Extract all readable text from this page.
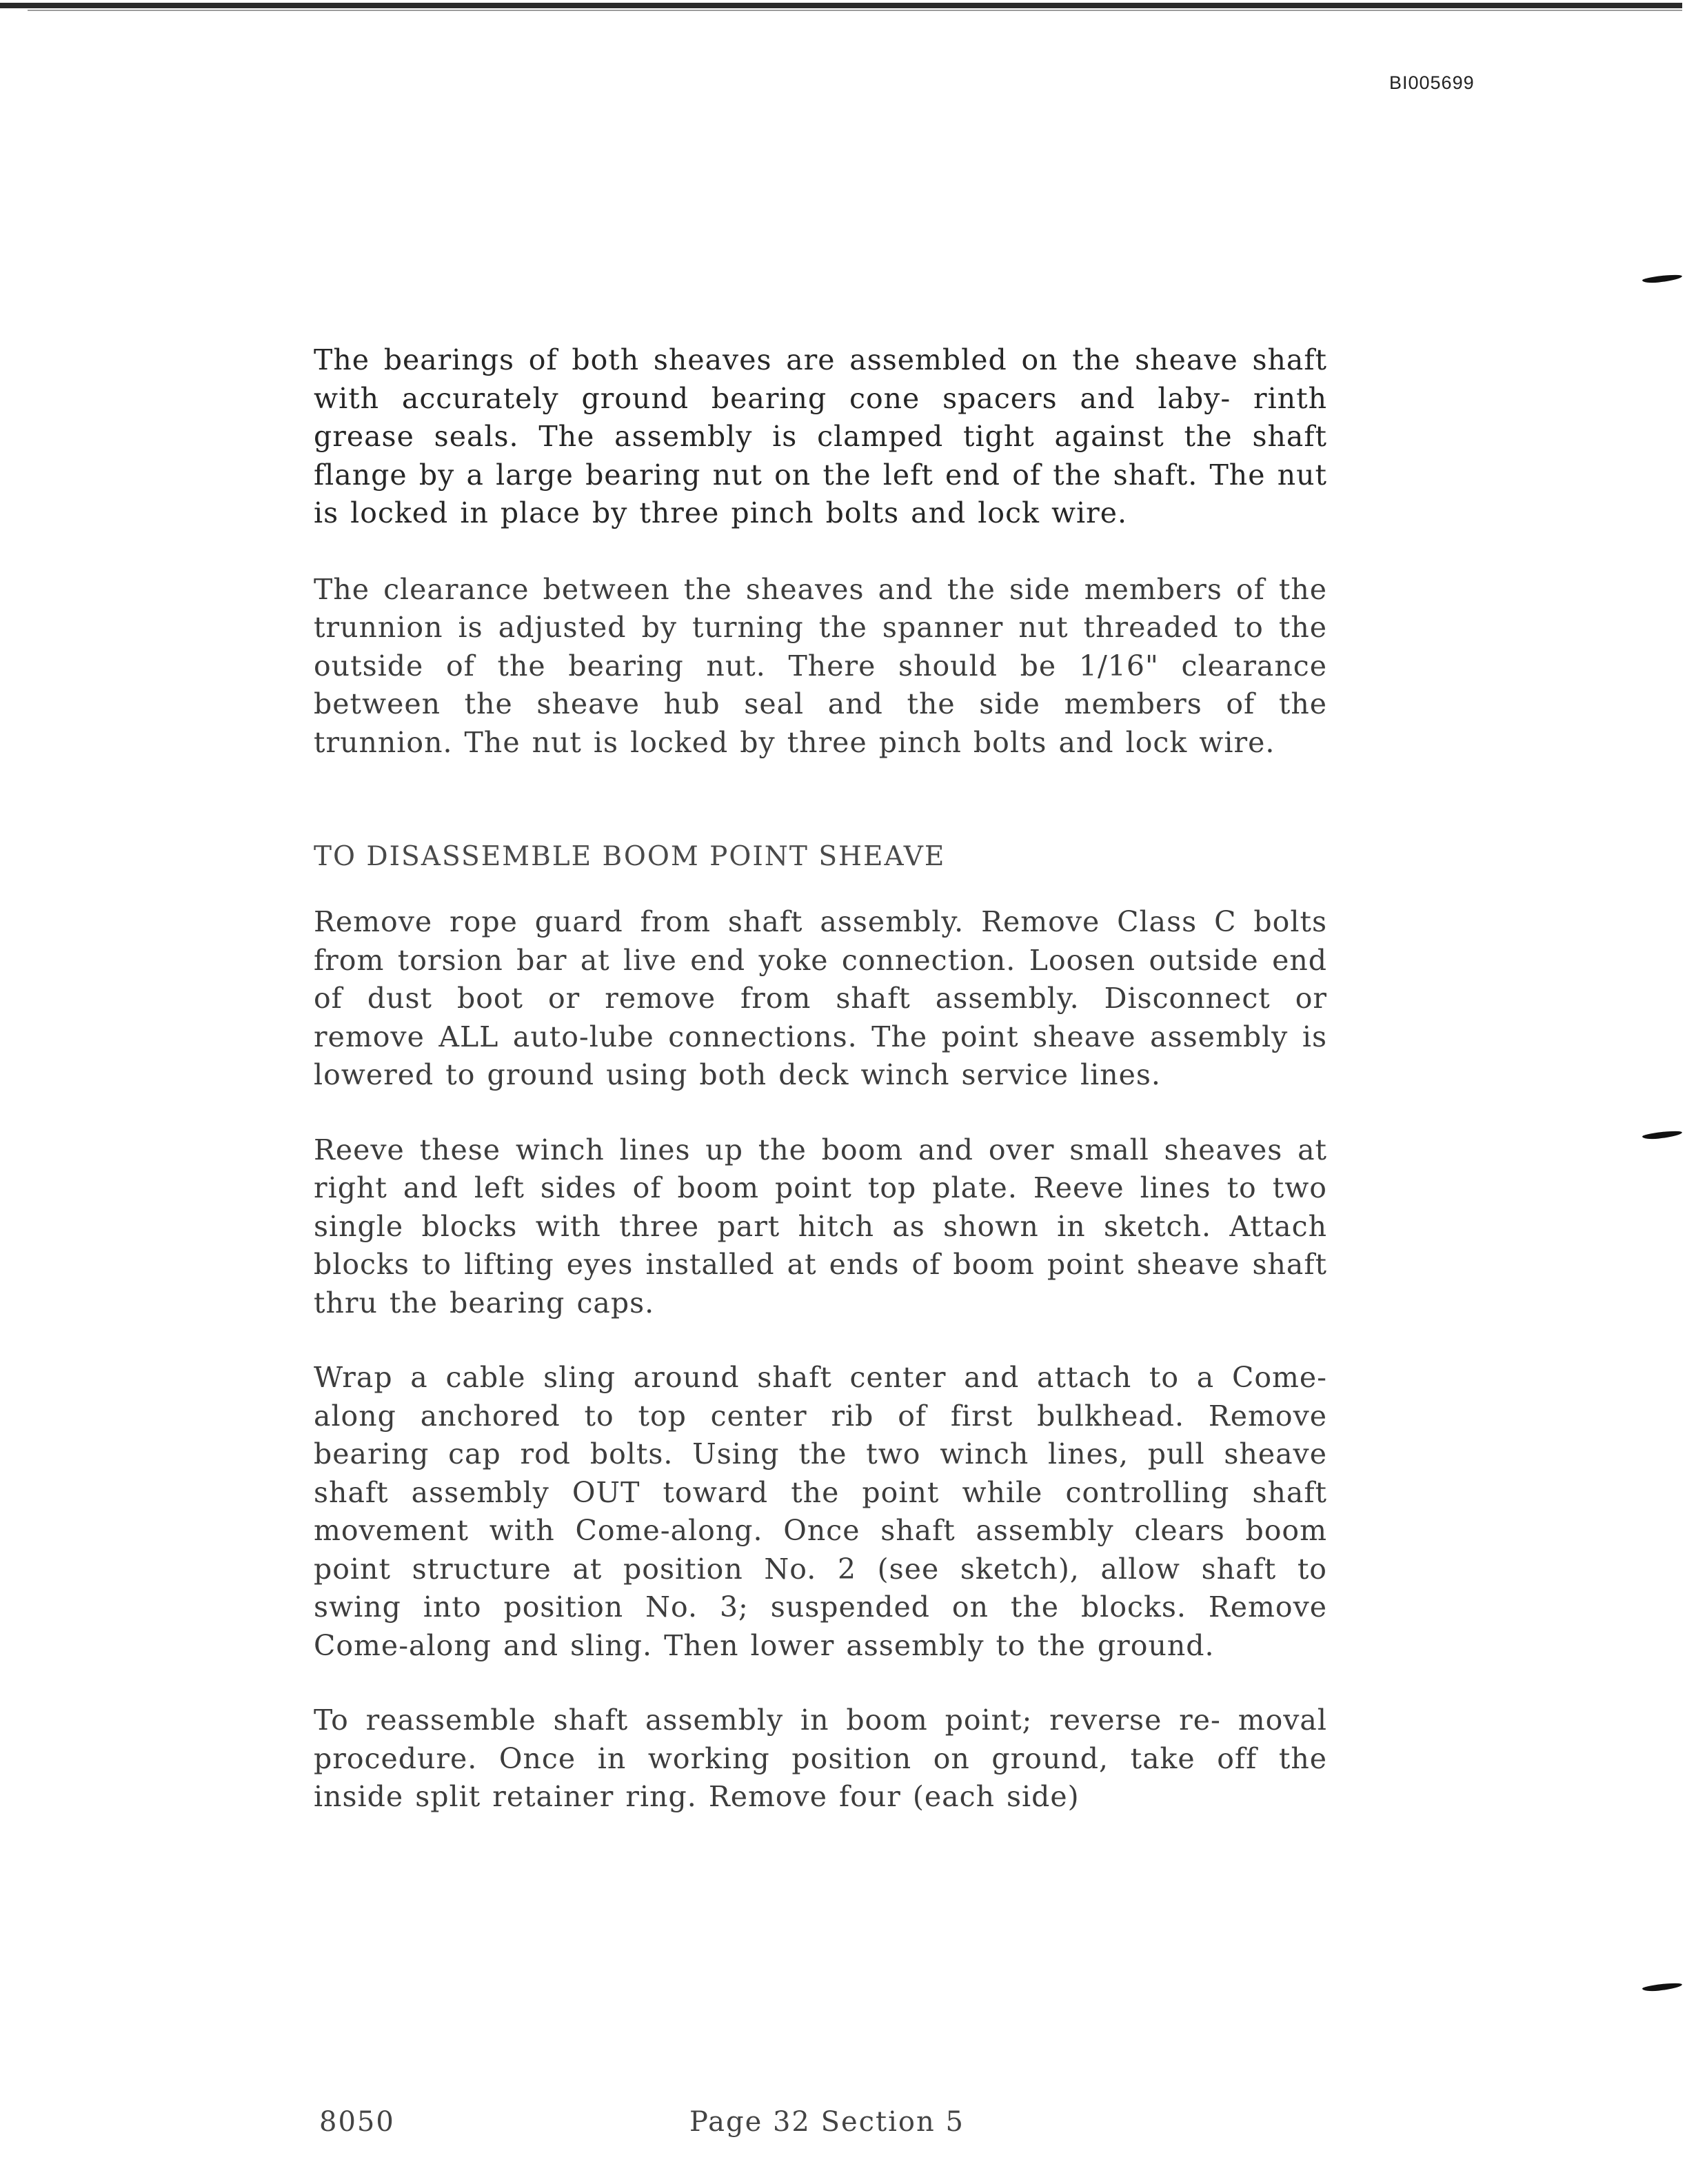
BI005699

The bearings of both sheaves are assembled on the sheave shaft with accurately ground bearing cone spacers and laby- rinth grease seals. The assembly is clamped tight against the shaft flange by a large bearing nut on the left end of the shaft. The nut is locked in place by three pinch bolts and lock wire.

The clearance between the sheaves and the side members of the trunnion is adjusted by turning the spanner nut threaded to the outside of the bearing nut. There should be 1/16" clearance between the sheave hub seal and the side members of the trunnion. The nut is locked by three pinch bolts and lock wire.

TO DISASSEMBLE BOOM POINT SHEAVE

Remove rope guard from shaft assembly. Remove Class C bolts from torsion bar at live end yoke connection. Loosen outside end of dust boot or remove from shaft assembly. Disconnect or remove ALL auto-lube connections. The point sheave assembly is lowered to ground using both deck winch service lines.

Reeve these winch lines up the boom and over small sheaves at right and left sides of boom point top plate. Reeve lines to two single blocks with three part hitch as shown in sketch. Attach blocks to lifting eyes installed at ends of boom point sheave shaft thru the bearing caps.

Wrap a cable sling around shaft center and attach to a Come- along anchored to top center rib of first bulkhead. Remove bearing cap rod bolts. Using the two winch lines, pull sheave shaft assembly OUT toward the point while controlling shaft movement with Come-along. Once shaft assembly clears boom point structure at position No. 2 (see sketch), allow shaft to swing into position No. 3; suspended on the blocks. Remove Come-along and sling. Then lower assembly to the ground.

To reassemble shaft assembly in boom point; reverse re- moval procedure. Once in working position on ground, take off the inside split retainer ring. Remove four (each side)

8050	Page 32 Section 5
